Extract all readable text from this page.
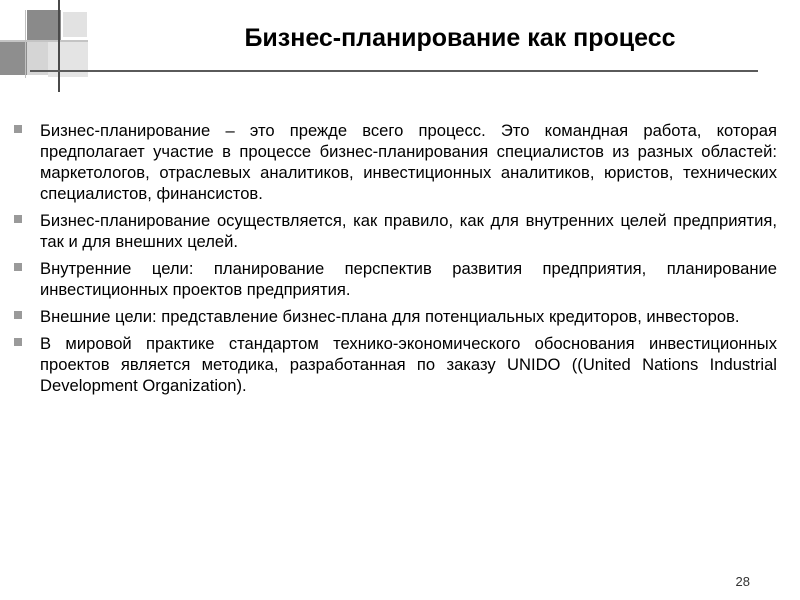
Бизнес-планирование как процесс
Бизнес-планирование – это прежде всего процесс. Это командная работа, которая предполагает участие в процессе бизнес-планирования специалистов из разных областей: маркетологов, отраслевых аналитиков, инвестиционных аналитиков, юристов, технических специалистов, финансистов.
Бизнес-планирование осуществляется, как правило, как для внутренних целей предприятия, так и для внешних целей.
Внутренние цели: планирование перспектив развития предприятия, планирование инвестиционных проектов предприятия.
Внешние цели: представление бизнес-плана для потенциальных кредиторов, инвесторов.
В мировой практике стандартом технико-экономического обоснования инвестиционных проектов является методика, разработанная по заказу UNIDO ((United Nations Industrial Development Organization).
28
